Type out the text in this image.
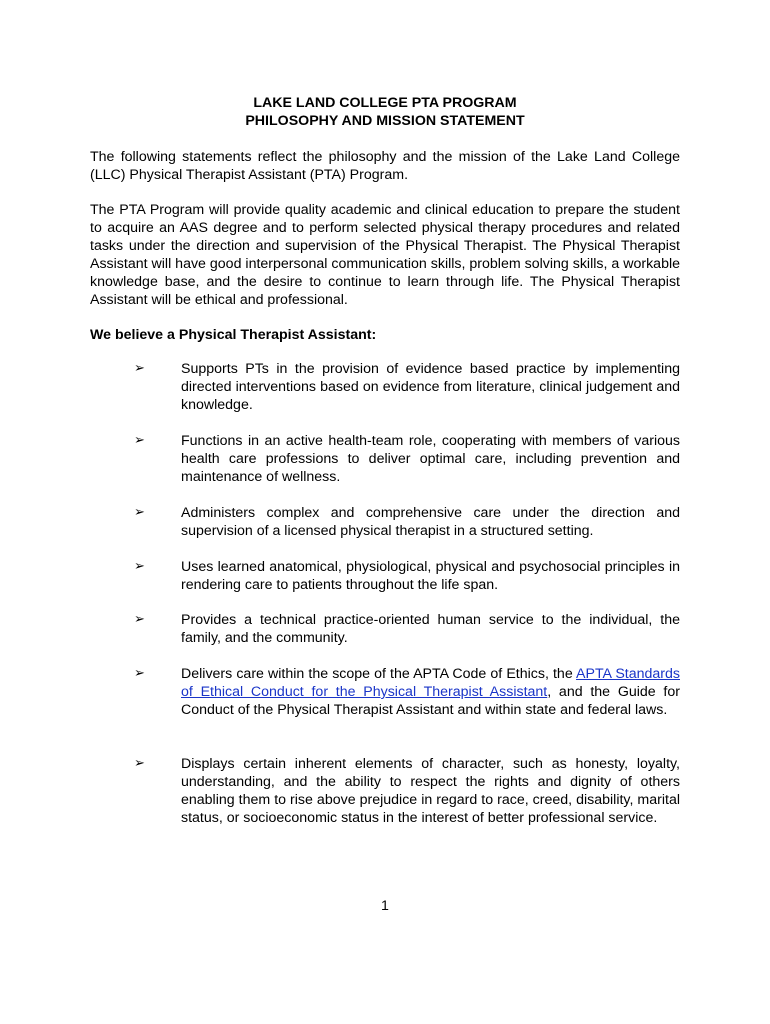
LAKE LAND COLLEGE PTA PROGRAM
PHILOSOPHY AND MISSION STATEMENT
The following statements reflect the philosophy and the mission of the Lake Land College (LLC) Physical Therapist Assistant (PTA) Program.
The PTA Program will provide quality academic and clinical education to prepare the student to acquire an AAS degree and to perform selected physical therapy procedures and related tasks under the direction and supervision of the Physical Therapist. The Physical Therapist Assistant will have good interpersonal communication skills, problem solving skills, a workable knowledge base, and the desire to continue to learn through life. The Physical Therapist Assistant will be ethical and professional.
We believe a Physical Therapist Assistant:
➢	Supports PTs in the provision of evidence based practice by implementing directed interventions based on evidence from literature, clinical judgement and knowledge.
➢	Functions in an active health-team role, cooperating with members of various health care professions to deliver optimal care, including prevention and maintenance of wellness.
➢	Administers complex and comprehensive care under the direction and supervision of a licensed physical therapist in a structured setting.
➢	Uses learned anatomical, physiological, physical and psychosocial principles in rendering care to patients throughout the life span.
➢	Provides a technical practice-oriented human service to the individual, the family, and the community.
➢	Delivers care within the scope of the APTA Code of Ethics, the APTA Standards of Ethical Conduct for the Physical Therapist Assistant, and the Guide for Conduct of the Physical Therapist Assistant and within state and federal laws.
➢	Displays certain inherent elements of character, such as honesty, loyalty, understanding, and the ability to respect the rights and dignity of others enabling them to rise above prejudice in regard to race, creed, disability, marital status, or socioeconomic status in the interest of better professional service.
1
